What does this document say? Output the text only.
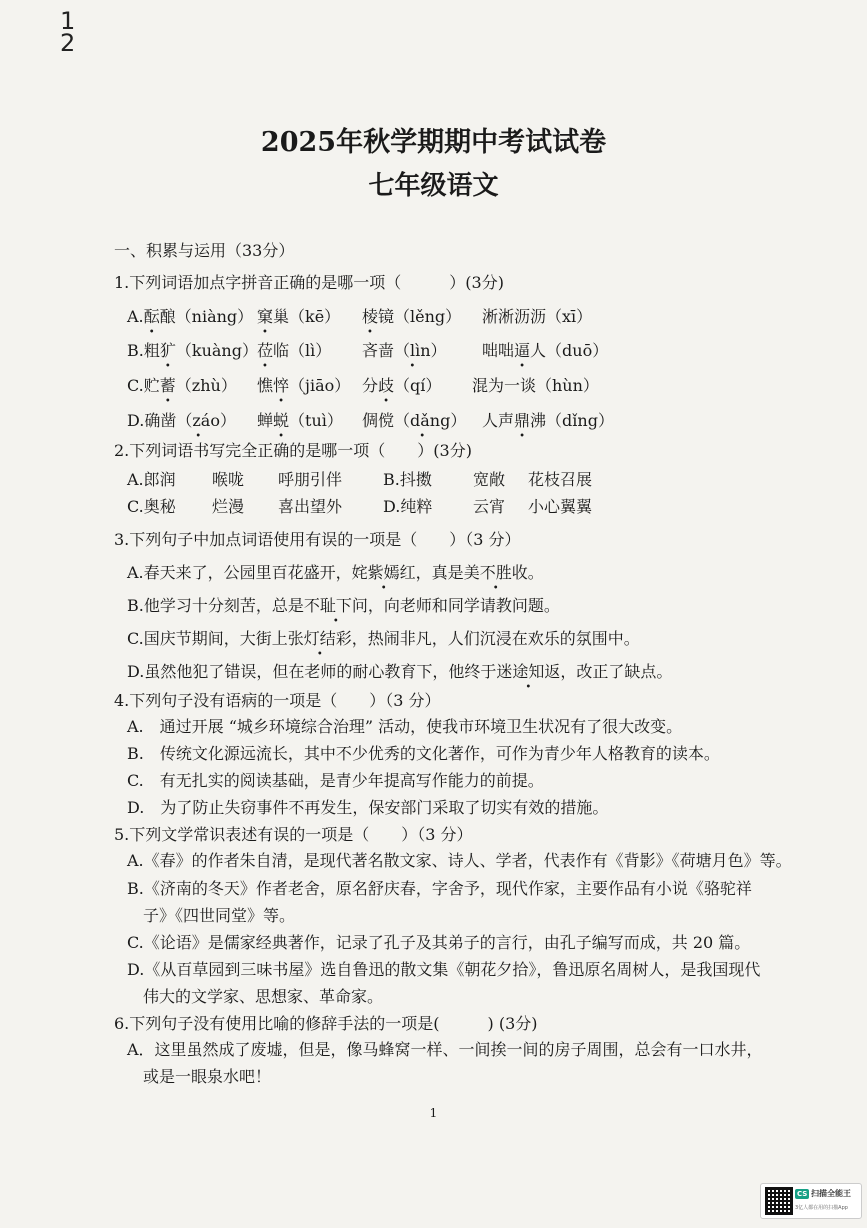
1
2
2025年秋学期期中考试试卷
七年级语文
一、积累与运用（33分）
1.下列词语加点字拼音正确的是哪一项（　　　）(3分)
A.酝酿（niàng） 窠巢（kē） 棱镜（lěng） 淅淅沥沥（xī）
B.粗犷（kuàng） 莅临（lì） 吝啬（lìn） • 咄咄逼人（duō）
C.贮蓄（zhù） 憔悴（jiāo） 分歧（qí） 混为一谈（hùn）
D.确凿（záo） • 蝉蜕（tuì） 倜傥（dǎng） • 人声鼎沸（dǐng）
2.下列词语书写完全正确的是哪一项（　　）(3分)
A.郎润 喉咙 呼朋引伴	B.抖擞	宽敞 花枝召展
C.奥秘 烂漫 喜出望外	D.纯粹	云宵 小心翼翼
3.下列句子中加点词语使用有误的一项是（　　）（3 分）
A.春天来了，公园里百花盛开，姹紫嫣红，真是美不胜收。
B.他学习十分刻苦，总是不耻下问，向老师和同学请教问题。
C.国庆节期间，大街上张灯结彩，热闹非凡，人们沉浸在欢乐的氛围中。
D.虽然他犯了错误，但在老师的耐心教育下，他终于迷途知返，改正了缺点。
4.下列句子没有语病的一项是（　　）（3 分）
A.　通过开展 “城乡环境综合治理” 活动，使我市环境卫生状况有了很大改变。
B.　传统文化源远流长，其中不少优秀的文化著作，可作为青少年人格教育的读本。
C.　有无扎实的阅读基础，是青少年提高写作能力的前提。
D.　为了防止失窃事件不再发生，保安部门采取了切实有效的措施。
5.下列文学常识表述有误的一项是（　　）（3 分）
A.《春》的作者朱自清，是现代著名散文家、诗人、学者，代表作有《背影》《荷塘月色》等。
B.《济南的冬天》作者老舍，原名舒庆春，字舍予，现代作家，主要作品有小说《骆驼祥
子》《四世同堂》等。
C.《论语》是儒家经典著作，记录了孔子及其弟子的言行，由孔子编写而成，共 20 篇。
D.《从百草园到三味书屋》选自鲁迅的散文集《朝花夕拾》，鲁迅原名周树人，是我国现代
伟大的文学家、思想家、革命家。
6.下列句子没有使用比喻的修辞手法的一项是(　　　) (3分)
A．这里虽然成了废墟，但是，像马蜂窝一样、一间挨一间的房子周围，总会有一口水井，
或是一眼泉水吧！
1
CS 扫描全能王
3亿人都在用的扫描App
